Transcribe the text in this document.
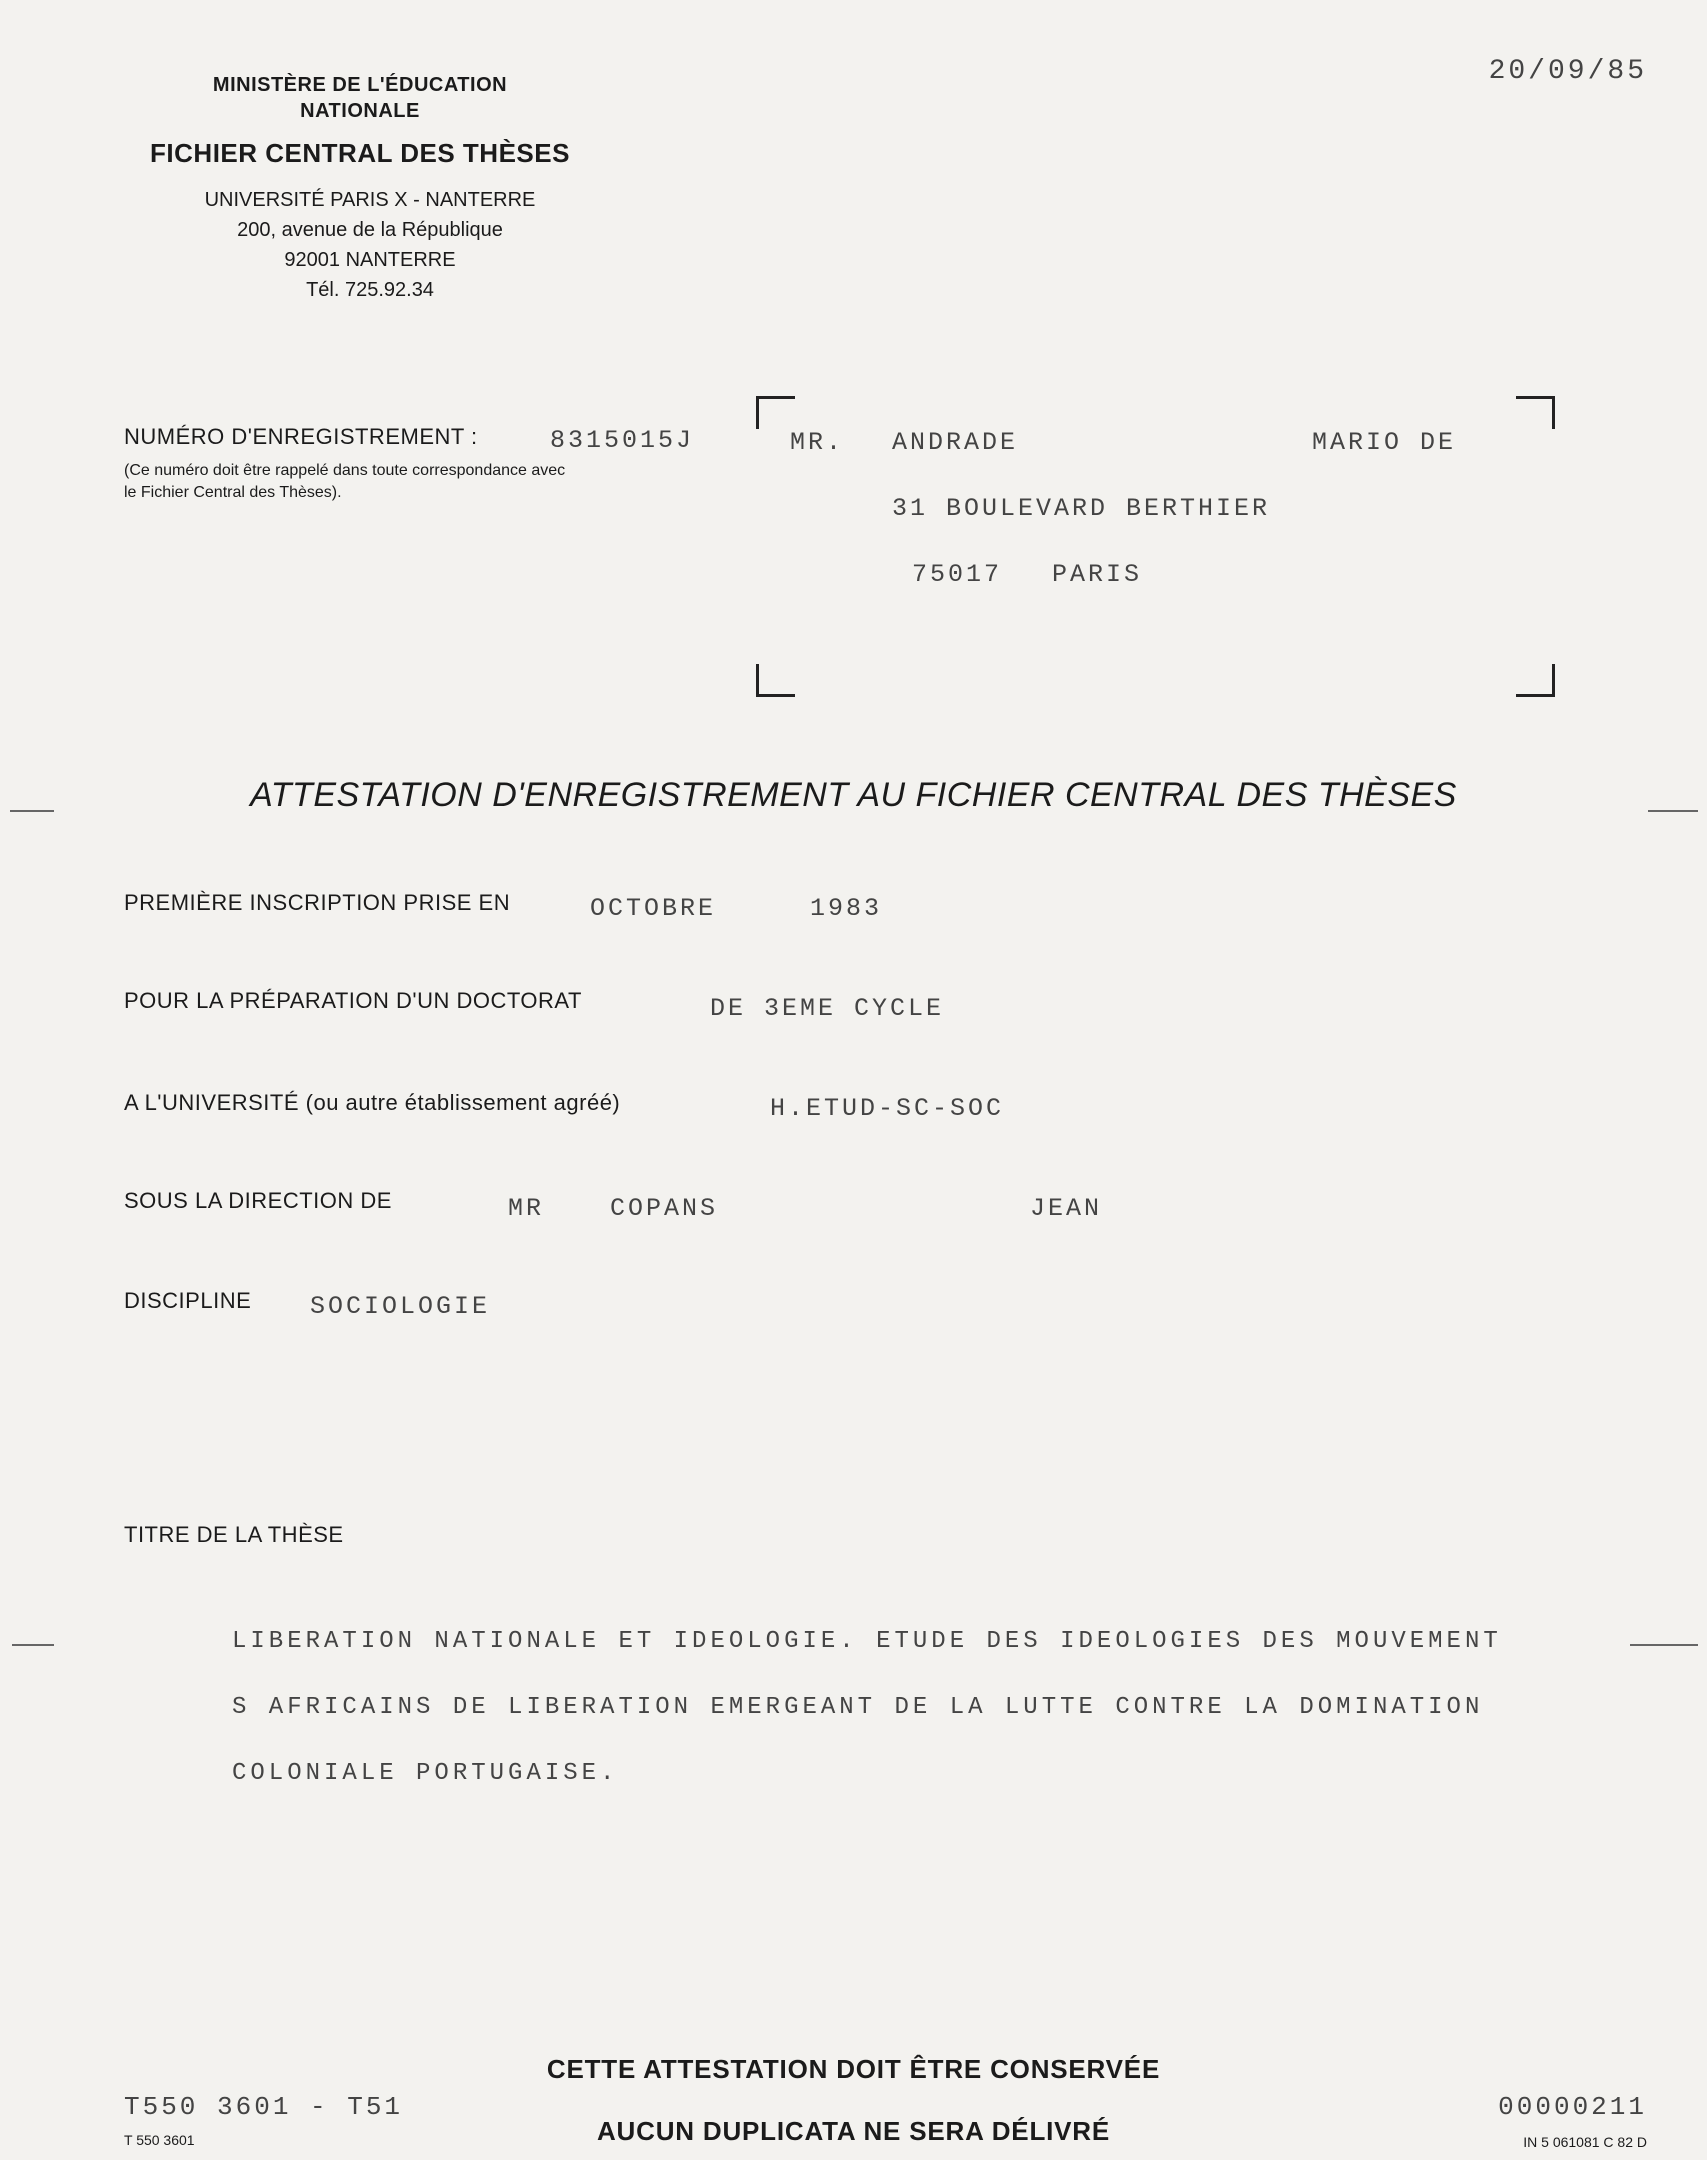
MINISTÈRE DE L'ÉDUCATION
NATIONALE
FICHIER CENTRAL DES THÈSES
UNIVERSITÉ PARIS X - NANTERRE
200, avenue de la République
92001 NANTERRE
Tél. 725.92.34
20/09/85
NUMÉRO D'ENREGISTREMENT :	8315015J
(Ce numéro doit être rappelé dans toute correspondance avec
le Fichier Central des Thèses).
MR. ANDRADE	MARIO DE
31 BOULEVARD BERTHIER
75017 PARIS
ATTESTATION D'ENREGISTREMENT AU FICHIER CENTRAL DES THÈSES
PREMIÈRE INSCRIPTION PRISE EN	OCTOBRE	1983
POUR LA PRÉPARATION D'UN DOCTORAT	DE 3EME CYCLE
A L'UNIVERSITÉ (ou autre établissement agréé)	H.ETUD-SC-SOC
SOUS LA DIRECTION DE	MR	COPANS	JEAN
DISCIPLINE SOCIOLOGIE
TITRE DE LA THÈSE
LIBERATION NATIONALE ET IDEOLOGIE. ETUDE DES IDEOLOGIES DES MOUVEMENT
S AFRICAINS DE LIBERATION EMERGEANT DE LA LUTTE CONTRE LA DOMINATION
COLONIALE PORTUGAISE.
CETTE ATTESTATION DOIT ÊTRE CONSERVÉE
AUCUN DUPLICATA NE SERA DÉLIVRÉ
T550 3601 - T51
T 550 3601
00000211
IN 5 061081 C 82 D
